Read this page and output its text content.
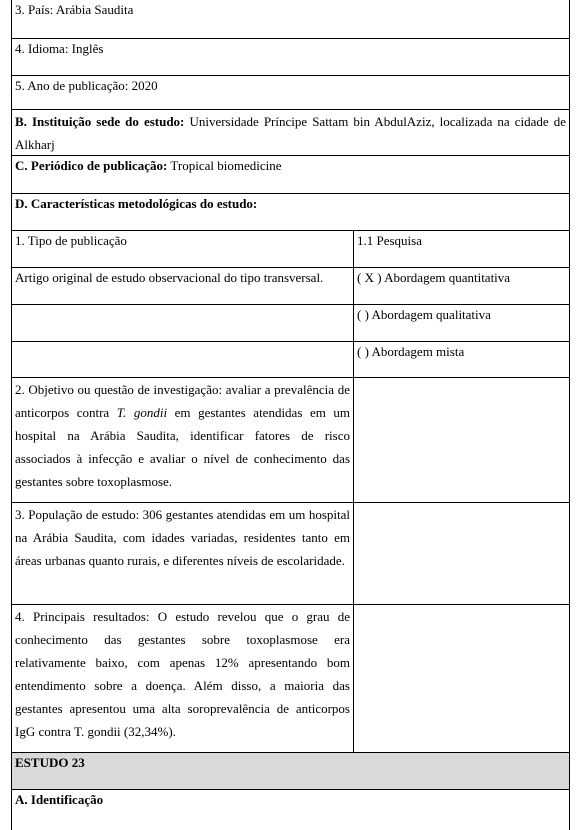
3. País: Arábia Saudita
4. Idioma: Inglês
5. Ano de publicação: 2020
B. Instituição sede do estudo: Universidade Príncipe Sattam bin AbdulAziz, localizada na cidade de Alkharj
C. Periódico de publicação: Tropical biomedicine
D. Características metodológicas do estudo:
1. Tipo de publicação	1.1 Pesquisa
Artigo original de estudo observacional do tipo transversal.	( X ) Abordagem quantitativa
( ) Abordagem qualitativa
( ) Abordagem mista
2. Objetivo ou questão de investigação: avaliar a prevalência de anticorpos contra T. gondii em gestantes atendidas em um hospital na Arábia Saudita, identificar fatores de risco associados à infecção e avaliar o nível de conhecimento das gestantes sobre toxoplasmose.
3. População de estudo: 306 gestantes atendidas em um hospital na Arábia Saudita, com idades variadas, residentes tanto em áreas urbanas quanto rurais, e diferentes níveis de escolaridade.
4. Principais resultados: O estudo revelou que o grau de conhecimento das gestantes sobre toxoplasmose era relativamente baixo, com apenas 12% apresentando bom entendimento sobre a doença. Além disso, a maioria das gestantes apresentou uma alta soroprevalência de anticorpos IgG contra T. gondii (32,34%).
ESTUDO 23
A. Identificação
